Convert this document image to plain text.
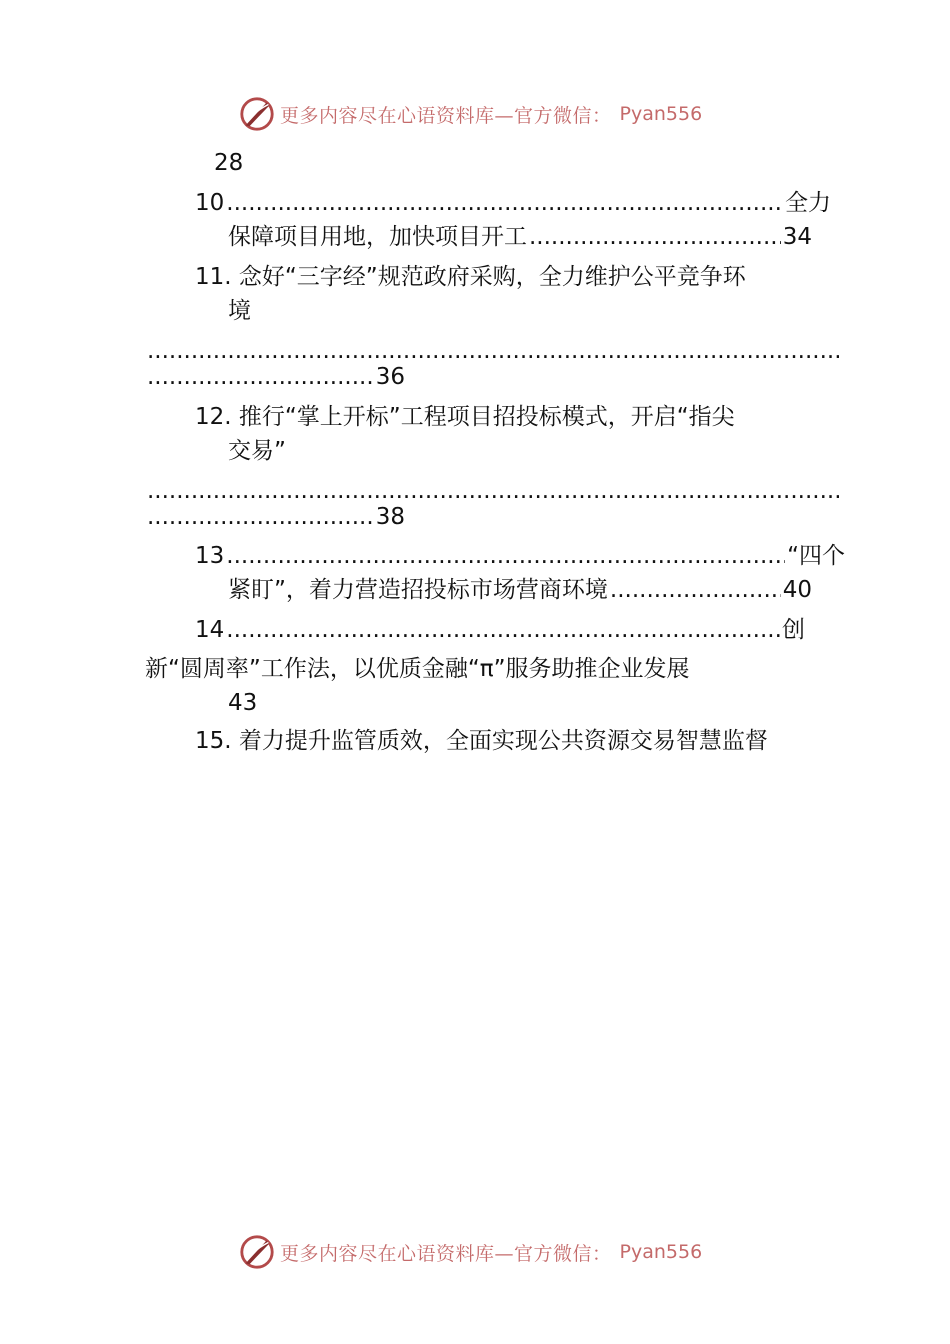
更多内容尽在心语资料库—官方微信： Pyan556
28
10 .....	全力
保障项目用地，加快项目开工 .....	34
11. 念好“三字经”规范政府采购，全力维护公平竞争环
境
.....
.....
36
12. 推行“掌上开标”工程项目招投标模式，开启“指尖
交易”
.....
.....
38
13 .....	“四个
紧盯”，着力营造招投标市场营商环境 .....	40
14 .....	创
新“圆周率”工作法，以优质金融“π”服务助推企业发展
43
15. 着力提升监管质效，全面实现公共资源交易智慧监督
更多内容尽在心语资料库—官方微信： Pyan556
